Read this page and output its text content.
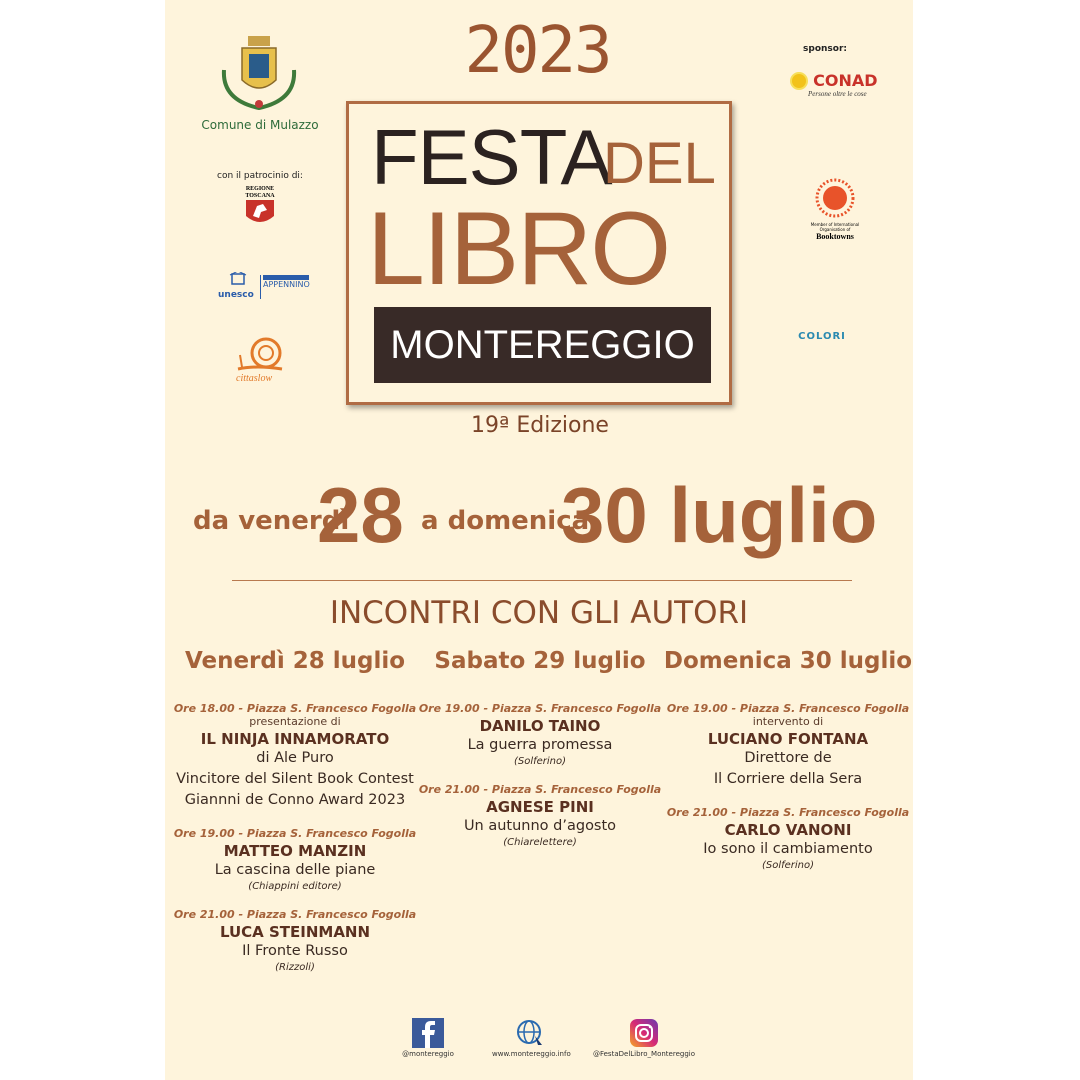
2023
Comune di Mulazzo
con il patrocinio di:
REGIONE
TOSCANA
unesco
APPENNINO
cittaslow
sponsor:
CONAD
Persone oltre le cose
Member of International Organisation of
Booktowns
COLORI
FESTA
DEL
LIBRO
MONTEREGGIO
19ª Edizione
da venerdì
28 a domenica
30 luglio
INCONTRI CON GLI AUTORI
Venerdì 28 luglio
Ore 18.00 - Piazza S. Francesco Fogolla
presentazione di
IL NINJA INNAMORATO
di Ale Puro
Vincitore del Silent Book Contest
Giannni de Conno Award 2023
Ore 19.00 - Piazza S. Francesco Fogolla
MATTEO MANZIN
La cascina delle piane
(Chiappini editore)
Ore 21.00 - Piazza S. Francesco Fogolla
LUCA STEINMANN
Il Fronte Russo
(Rizzoli)
Sabato 29 luglio
Ore 19.00 - Piazza S. Francesco Fogolla
DANILO TAINO
La guerra promessa
(Solferino)
Ore 21.00 - Piazza S. Francesco Fogolla
AGNESE PINI
Un autunno d’agosto
(Chiarelettere)
Domenica 30 luglio
Ore 19.00 - Piazza S. Francesco Fogolla
intervento di
LUCIANO FONTANA
Direttore de
Il Corriere della Sera
Ore 21.00 - Piazza S. Francesco Fogolla
CARLO VANONI
Io sono il cambiamento
(Solferino)
@montereggio	www.montereggio.info	@FestaDelLibro_Montereggio
